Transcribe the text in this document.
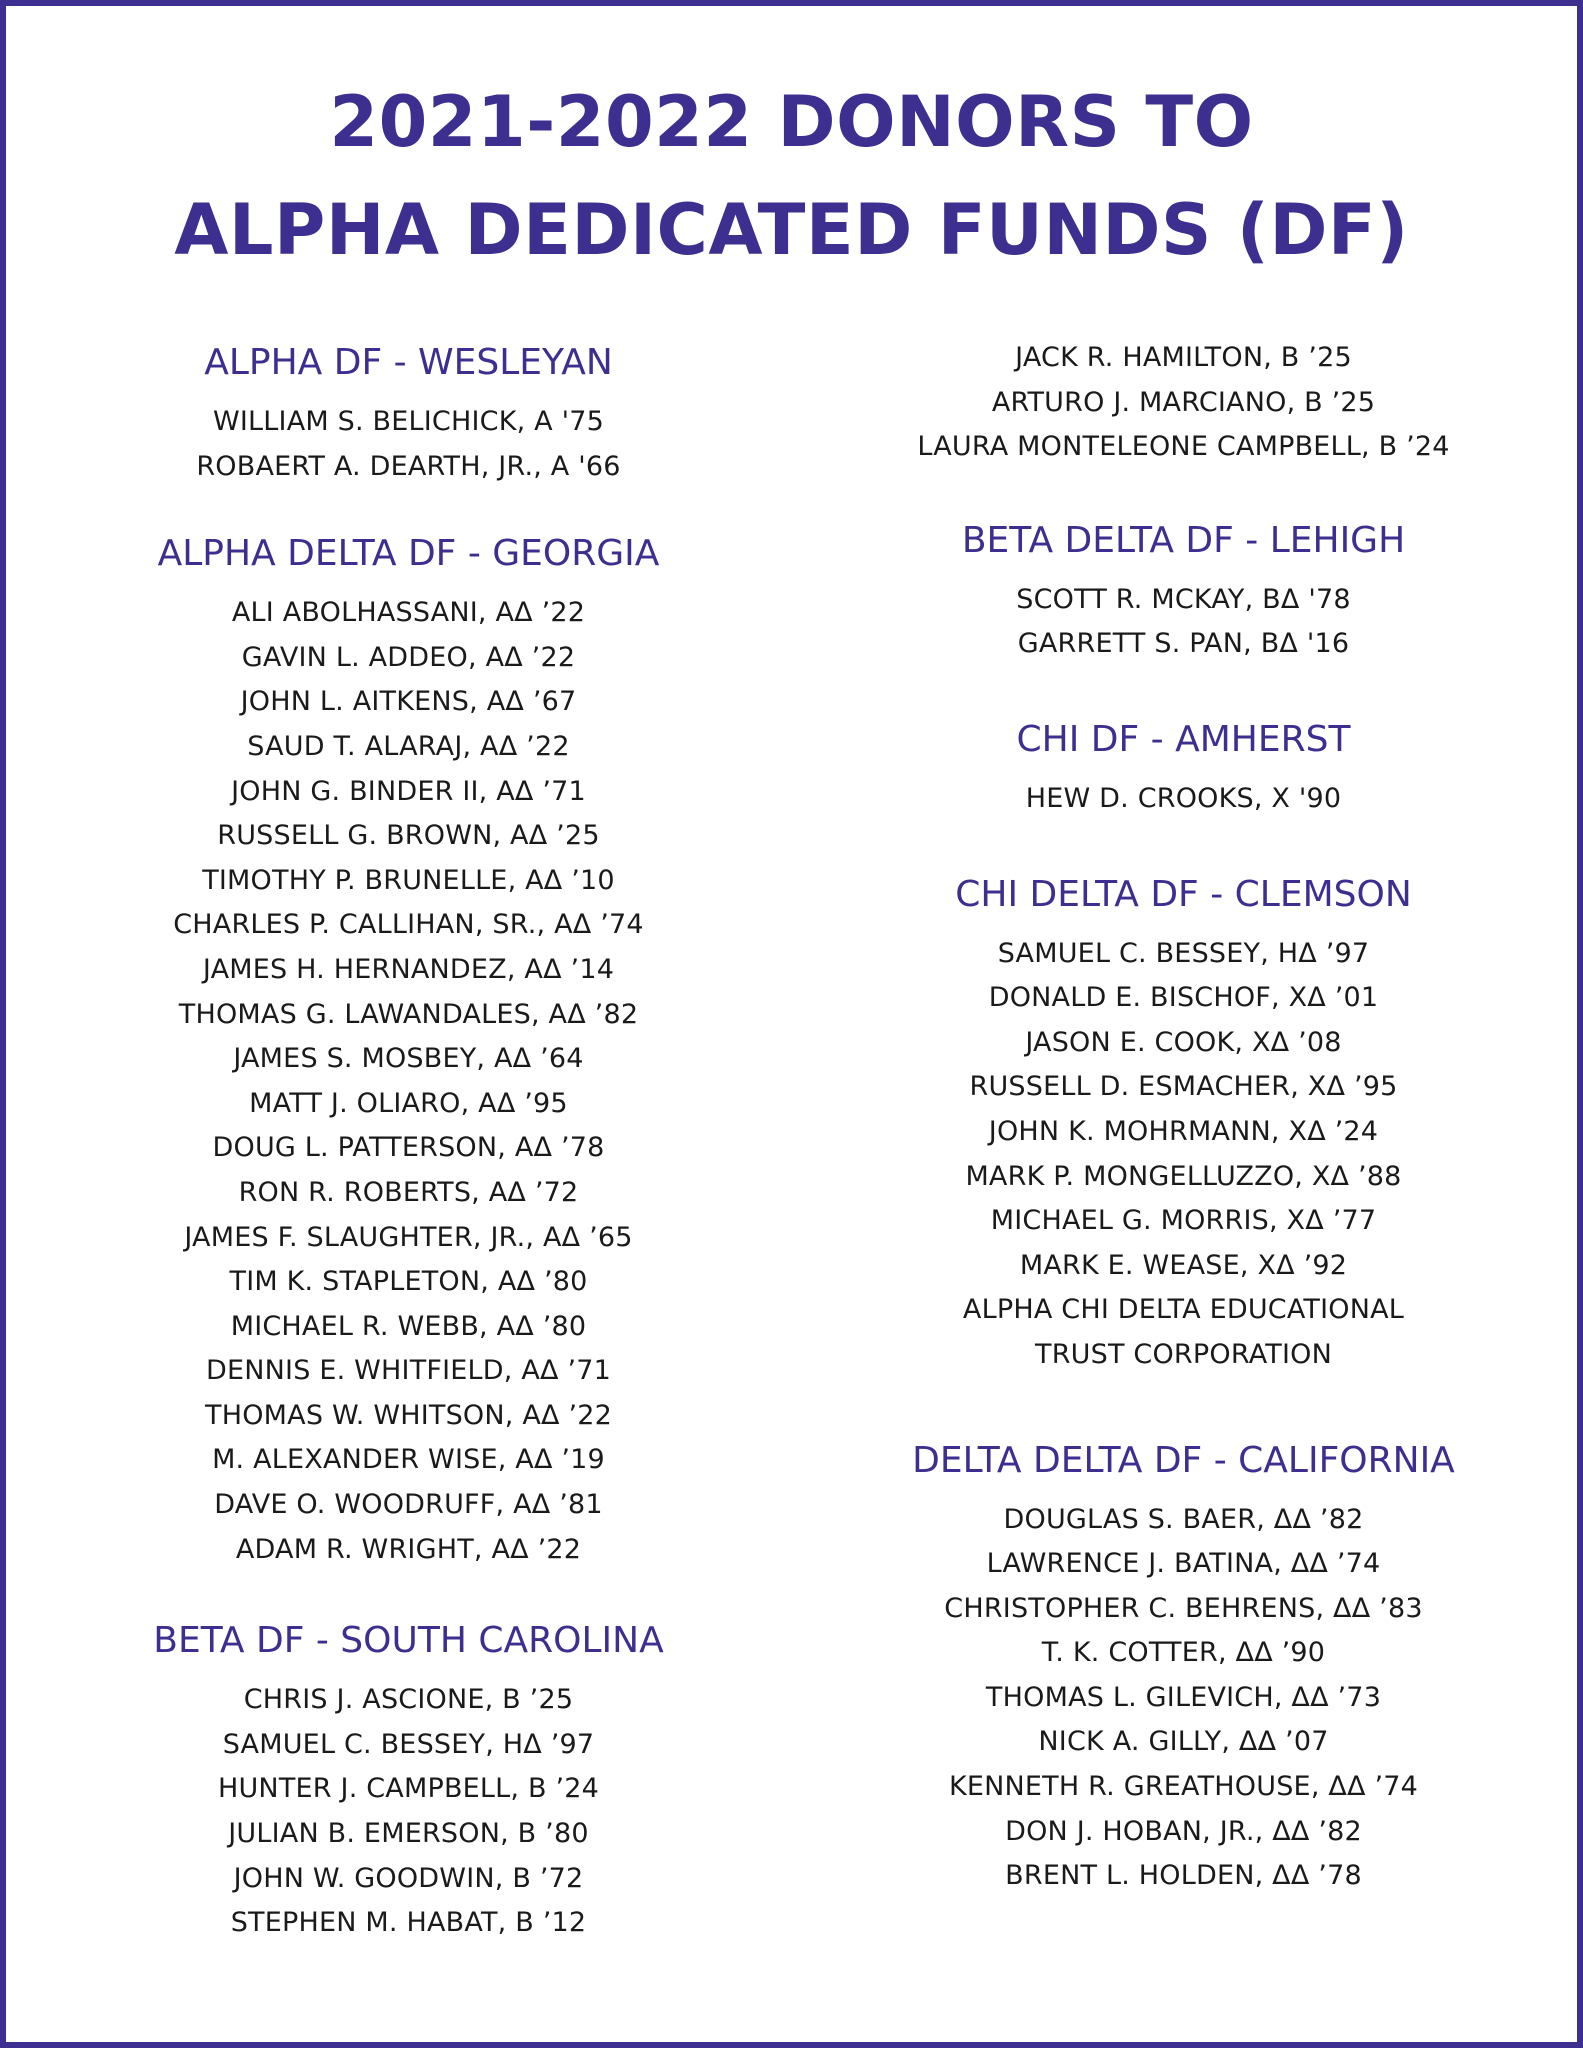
2021-2022 DONORS TO
ALPHA DEDICATED FUNDS (DF)
ALPHA DF - WESLEYAN
WILLIAM S. BELICHICK, A '75
ROBAERT A. DEARTH, JR., A '66
ALPHA DELTA DF - GEORGIA
ALI ABOLHASSANI, AΔ ’22
GAVIN L. ADDEO, AΔ ’22
JOHN L. AITKENS, AΔ ’67
SAUD T. ALARAJ, AΔ ’22
JOHN G. BINDER II, AΔ ’71
RUSSELL G. BROWN, AΔ ’25
TIMOTHY P. BRUNELLE, AΔ ’10
CHARLES P. CALLIHAN, SR., AΔ ’74
JAMES H. HERNANDEZ, AΔ ’14
THOMAS G. LAWANDALES, AΔ ’82
JAMES S. MOSBEY, AΔ ’64
MATT J. OLIARO, AΔ ’95
DOUG L. PATTERSON, AΔ ’78
RON R. ROBERTS, AΔ ’72
JAMES F. SLAUGHTER, JR., AΔ ’65
TIM K. STAPLETON, AΔ ’80
MICHAEL R. WEBB, AΔ ’80
DENNIS E. WHITFIELD, AΔ ’71
THOMAS W. WHITSON, AΔ ’22
M. ALEXANDER WISE, AΔ ’19
DAVE O. WOODRUFF, AΔ ’81
ADAM R. WRIGHT, AΔ ’22
BETA DF - SOUTH CAROLINA
CHRIS J. ASCIONE, B ’25
SAMUEL C. BESSEY, HΔ ’97
HUNTER J. CAMPBELL, B ’24
JULIAN B. EMERSON, B ’80
JOHN W. GOODWIN, B ’72
STEPHEN M. HABAT, B ’12
JACK R. HAMILTON, B ’25
ARTURO J. MARCIANO, B ’25
LAURA MONTELEONE CAMPBELL, B ’24
BETA DELTA DF - LEHIGH
SCOTT R. MCKAY, BΔ '78
GARRETT S. PAN, BΔ '16
CHI DF - AMHERST
HEW D. CROOKS, X '90
CHI DELTA DF - CLEMSON
SAMUEL C. BESSEY, HΔ ’97
DONALD E. BISCHOF, XΔ ’01
JASON E. COOK, XΔ ’08
RUSSELL D. ESMACHER, XΔ ’95
JOHN K. MOHRMANN, XΔ ’24
MARK P. MONGELLUZZO, XΔ ’88
MICHAEL G. MORRIS, XΔ ’77
MARK E. WEASE, XΔ ’92
ALPHA CHI DELTA EDUCATIONAL
TRUST CORPORATION
DELTA DELTA DF - CALIFORNIA
DOUGLAS S. BAER, ΔΔ ’82
LAWRENCE J. BATINA, ΔΔ ’74
CHRISTOPHER C. BEHRENS, ΔΔ ’83
T. K. COTTER, ΔΔ ’90
THOMAS L. GILEVICH, ΔΔ ’73
NICK A. GILLY, ΔΔ ’07
KENNETH R. GREATHOUSE, ΔΔ ’74
DON J. HOBAN, JR., ΔΔ ’82
BRENT L. HOLDEN, ΔΔ ’78
